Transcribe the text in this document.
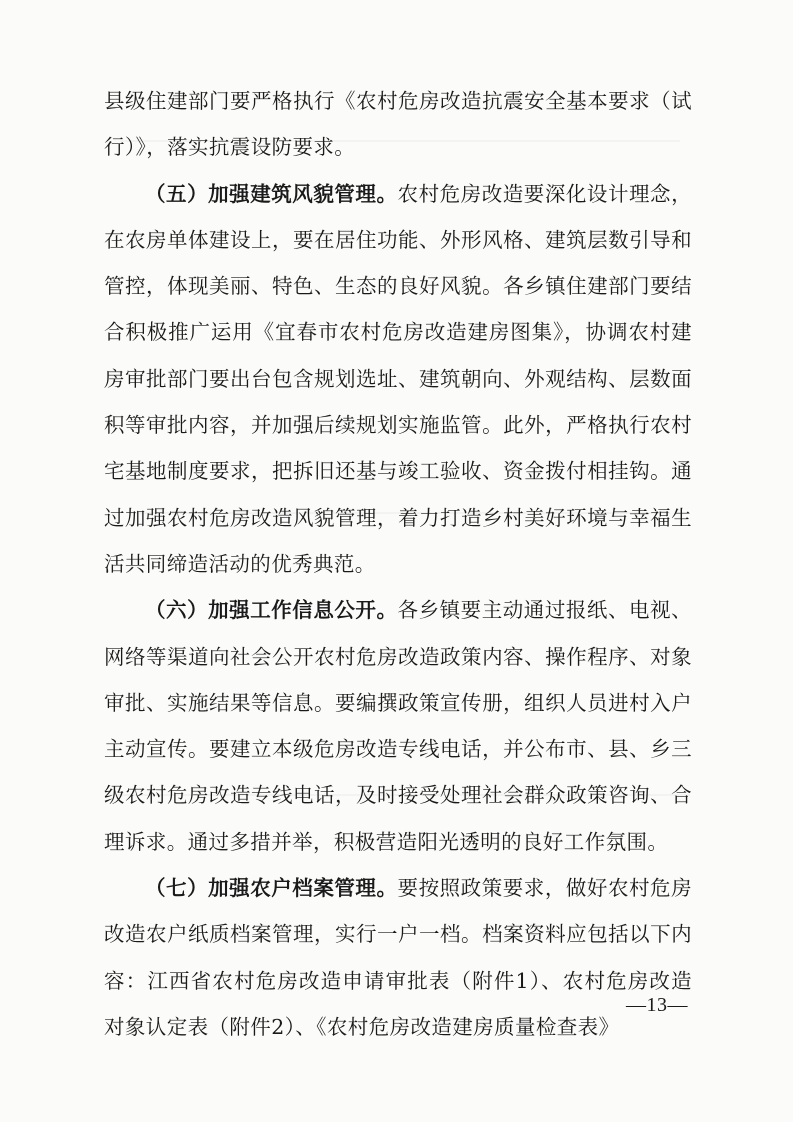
县级住建部门要严格执行《农村危房改造抗震安全基本要求（试行）》，落实抗震设防要求。

（五）加强建筑风貌管理。农村危房改造要深化设计理念，在农房单体建设上，要在居住功能、外形风格、建筑层数引导和管控，体现美丽、特色、生态的良好风貌。各乡镇住建部门要结合积极推广运用《宜春市农村危房改造建房图集》，协调农村建房审批部门要出台包含规划选址、建筑朝向、外观结构、层数面积等审批内容，并加强后续规划实施监管。此外，严格执行农村宅基地制度要求，把拆旧还基与竣工验收、资金拨付相挂钩。通过加强农村危房改造风貌管理，着力打造乡村美好环境与幸福生活共同缔造活动的优秀典范。

（六）加强工作信息公开。各乡镇要主动通过报纸、电视、网络等渠道向社会公开农村危房改造政策内容、操作程序、对象审批、实施结果等信息。要编撰政策宣传册，组织人员进村入户主动宣传。要建立本级危房改造专线电话，并公布市、县、乡三级农村危房改造专线电话，及时接受处理社会群众政策咨询、合理诉求。通过多措并举，积极营造阳光透明的良好工作氛围。

（七）加强农户档案管理。要按照政策要求，做好农村危房改造农户纸质档案管理，实行一户一档。档案资料应包括以下内容：江西省农村危房改造申请审批表（附件1）、农村危房改造对象认定表（附件2）、《农村危房改造建房质量检查表》

—13—
